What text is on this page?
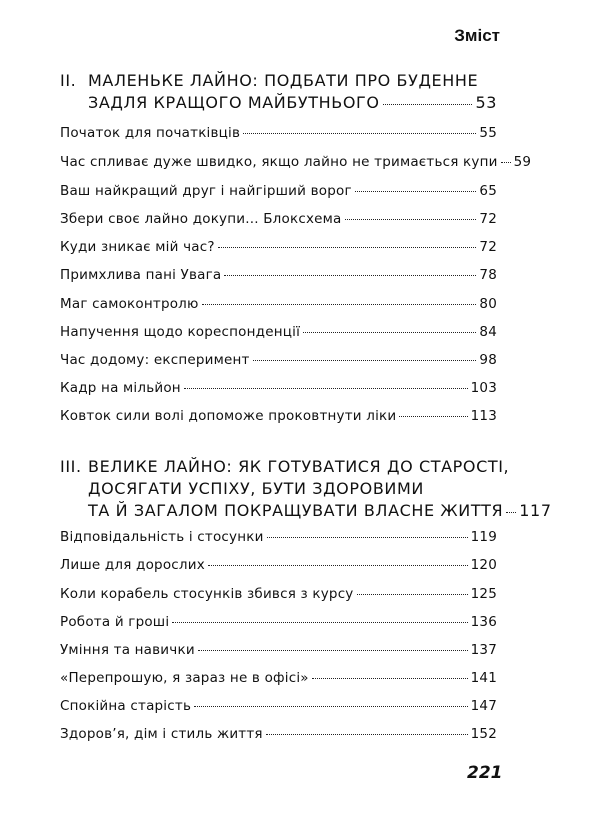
Зміст
II. МАЛЕНЬКЕ ЛАЙНО: ПОДБАТИ ПРО БУДЕННЕ
ЗАДЛЯ КРАЩОГО МАЙБУТНЬОГО	53
Початок для початківців	55
Час спливає дуже швидко, якщо лайно не тримається купи 59
Ваш найкращий друг і найгірший ворог	65
Збери своє лайно докупи... Блоксхема	72
Куди зникає мій час?	72
Примхлива пані Увага	78
Маг самоконтролю	80
Напучення щодо кореспонденції	84
Час додому: експеримент	98
Кадр на мільйон	103
Ковток сили волі допоможе проковтнути ліки	113
III. ВЕЛИКЕ ЛАЙНО: ЯК ГОТУВАТИСЯ ДО СТАРОСТІ,
ДОСЯГАТИ УСПІХУ, БУТИ ЗДОРОВИМИ
ТА Й ЗАГАЛОМ ПОКРАЩУВАТИ ВЛАСНЕ ЖИТТЯ 117
Відповідальність і стосунки	119
Лише для дорослих	120
Коли корабель стосунків збився з курсу	125
Робота й гроші	136
Уміння та навички	137
«Перепрошую, я зараз не в офісі»	141
Спокійна старість	147
Здоров’я, дім і стиль життя	152
221
